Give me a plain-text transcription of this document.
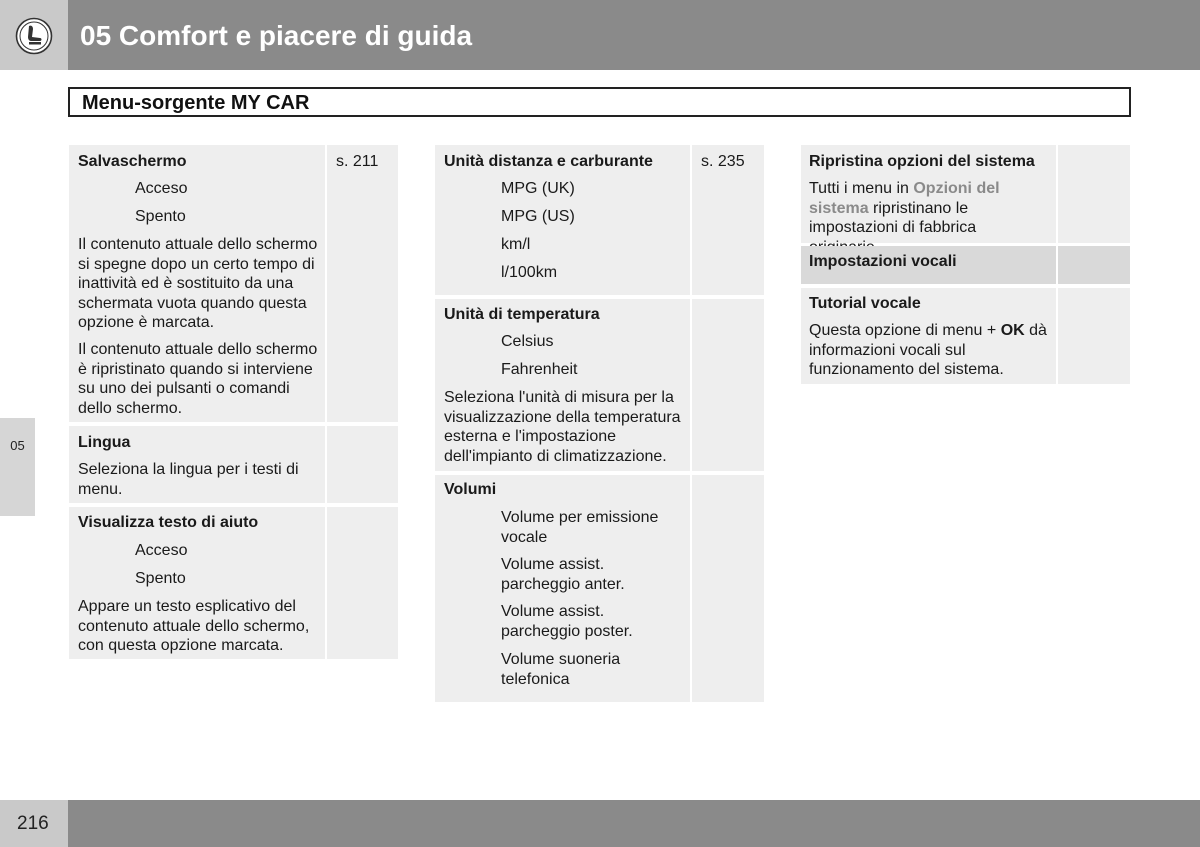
05 Comfort e piacere di guida
Menu-sorgente MY CAR
05
Salvaschermo
Acceso
Spento
Il contenuto attuale dello schermo si spegne dopo un certo tempo di inattività ed è sostituito da una schermata vuota quando questa opzione è marcata.
Il contenuto attuale dello schermo è ripristinato quando si interviene su uno dei pulsanti o comandi dello schermo.
s. 211
Lingua
Seleziona la lingua per i testi di menu.
Visualizza testo di aiuto
Acceso
Spento
Appare un testo esplicativo del contenuto attuale dello schermo, con questa opzione marcata.
Unità distanza e carburante
MPG (UK)
MPG (US)
km/l
l/100km
s. 235
Unità di temperatura
Celsius
Fahrenheit
Seleziona l'unità di misura per la visualizzazione della temperatura esterna e l'impostazione dell'impianto di climatizzazione.
Volumi
Volume per emissione vocale
Volume assist. parcheggio anter.
Volume assist. parcheggio poster.
Volume suoneria telefonica
Ripristina opzioni del sistema
Tutti i menu in Opzioni del sistema ripristinano le impostazioni di fabbrica
Impostazioni vocali
Tutorial vocale
Questa opzione di menu + OK dà informazioni vocali sul funzionamento del sistema.
216
